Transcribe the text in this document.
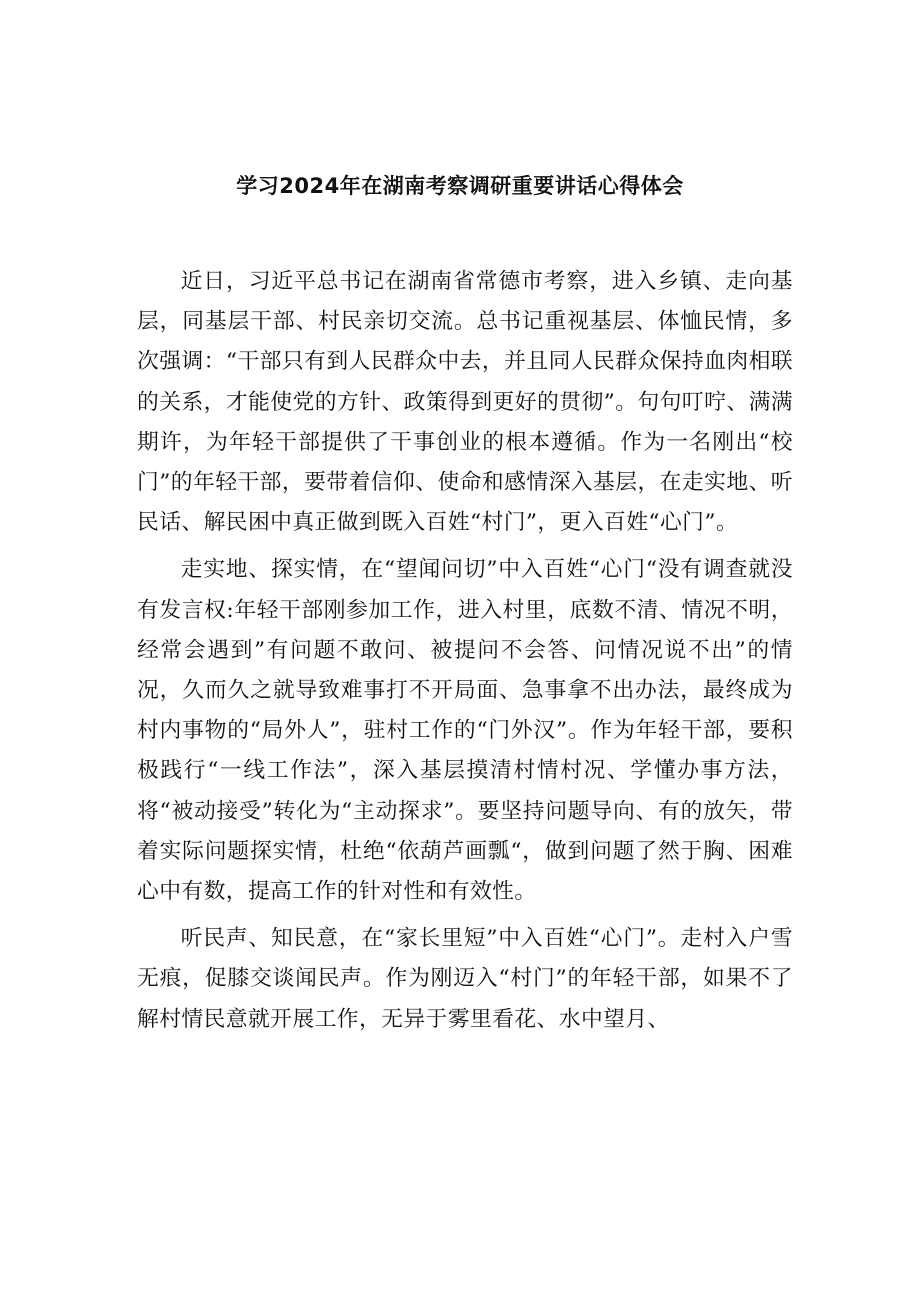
学习2024年在湖南考察调研重要讲话心得体会

近日，习近平总书记在湖南省常德市考察，进入乡镇、走向基层，同基层干部、村民亲切交流。总书记重视基层、体恤民情，多次强调：“干部只有到人民群众中去，并且同人民群众保持血肉相联的关系，才能使党的方针、政策得到更好的贯彻”。句句叮咛、满满期许，为年轻干部提供了干事创业的根本遵循。作为一名刚出“校门”的年轻干部，要带着信仰、使命和感情深入基层，在走实地、听民话、解民困中真正做到既入百姓“村门”，更入百姓“心门”。

走实地、探实情，在“望闻问切”中入百姓“心门“没有调查就没有发言权:年轻干部刚参加工作，进入村里，底数不清、情况不明，经常会遇到”有问题不敢问、被提问不会答、问情况说不出”的情况，久而久之就导致难事打不开局面、急事拿不出办法，最终成为村内事物的“局外人”，驻村工作的“门外汉”。作为年轻干部，要积极践行“一线工作法”，深入基层摸清村情村况、学懂办事方法，将“被动接受”转化为“主动探求”。要坚持问题导向、有的放矢，带着实际问题探实情，杜绝“依葫芦画瓢“，做到问题了然于胸、困难心中有数，提高工作的针对性和有效性。

听民声、知民意，在“家长里短”中入百姓“心门”。走村入户雪无痕，促膝交谈闻民声。作为刚迈入“村门”的年轻干部，如果不了解村情民意就开展工作，无异于雾里看花、水中望月、
